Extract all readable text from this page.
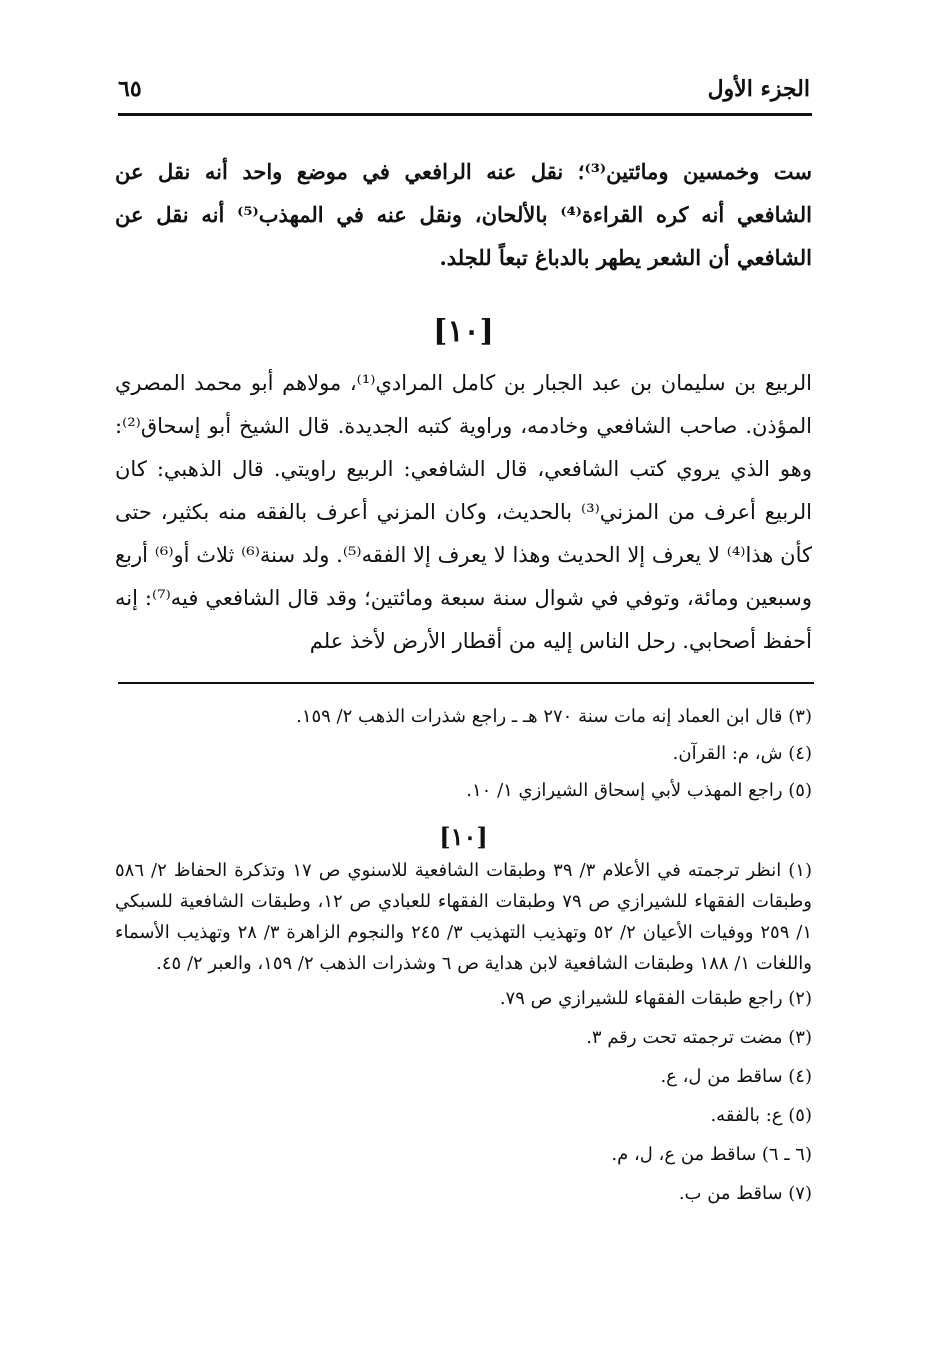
الجزء الأول
٦٥

ست وخمسين ومائتين⁽³⁾؛ نقل عنه الرافعي في موضع واحد أنه نقل عن الشافعي أنه كره القراءة⁽⁴⁾ بالألحان، ونقل عنه في المهذب⁽⁵⁾ أنه نقل عن الشافعي أن الشعر يطهر بالدباغ تبعاً للجلد.

[١٠]

الربيع بن سليمان بن عبد الجبار بن كامل المرادي⁽¹⁾، مولاهم أبو محمد المصري المؤذن. صاحب الشافعي وخادمه، وراوية كتبه الجديدة. قال الشيخ أبو إسحاق⁽²⁾: وهو الذي يروي كتب الشافعي، قال الشافعي: الربيع راويتي. قال الذهبي: كان الربيع أعرف من المزني⁽³⁾ بالحديث، وكان المزني أعرف بالفقه منه بكثير، حتى كأن هذا⁽⁴⁾ لا يعرف إلا الحديث وهذا لا يعرف إلا الفقه⁽⁵⁾. ولد سنة⁽⁶⁾ ثلاث أو⁽⁶⁾ أربع وسبعين ومائة، وتوفي في شوال سنة سبعة ومائتين؛ وقد قال الشافعي فيه⁽⁷⁾: إنه أحفظ أصحابي. رحل الناس إليه من أقطار الأرض لأخذ علم

(٣) قال ابن العماد إنه مات سنة ٢٧٠ هـ ـ راجع شذرات الذهب ٢/ ١٥٩.

(٤) ش، م: القرآن.

(٥) راجع المهذب لأبي إسحاق الشيرازي ١/ ١٠.

[١٠]

(١) انظر ترجمته في الأعلام ٣/ ٣٩ وطبقات الشافعية للاسنوي ص ١٧ وتذكرة الحفاظ ٢/ ٥٨٦ وطبقات الفقهاء للشيرازي ص ٧٩ وطبقات الفقهاء للعبادي ص ١٢، وطبقات الشافعية للسبكي ١/ ٢٥٩ ووفيات الأعيان ٢/ ٥٢ وتهذيب التهذيب ٣/ ٢٤٥ والنجوم الزاهرة ٣/ ٢٨ وتهذيب الأسماء واللغات ١/ ١٨٨ وطبقات الشافعية لابن هداية ص ٦ وشذرات الذهب ٢/ ١٥٩، والعبر ٢/ ٤٥.

(٢) راجع طبقات الفقهاء للشيرازي ص ٧٩.

(٣) مضت ترجمته تحت رقم ٣.

(٤) ساقط من ل، ع.

(٥) ع: بالفقه.

(٦ ـ ٦) ساقط من ع، ل، م.

(٧) ساقط من ب.
